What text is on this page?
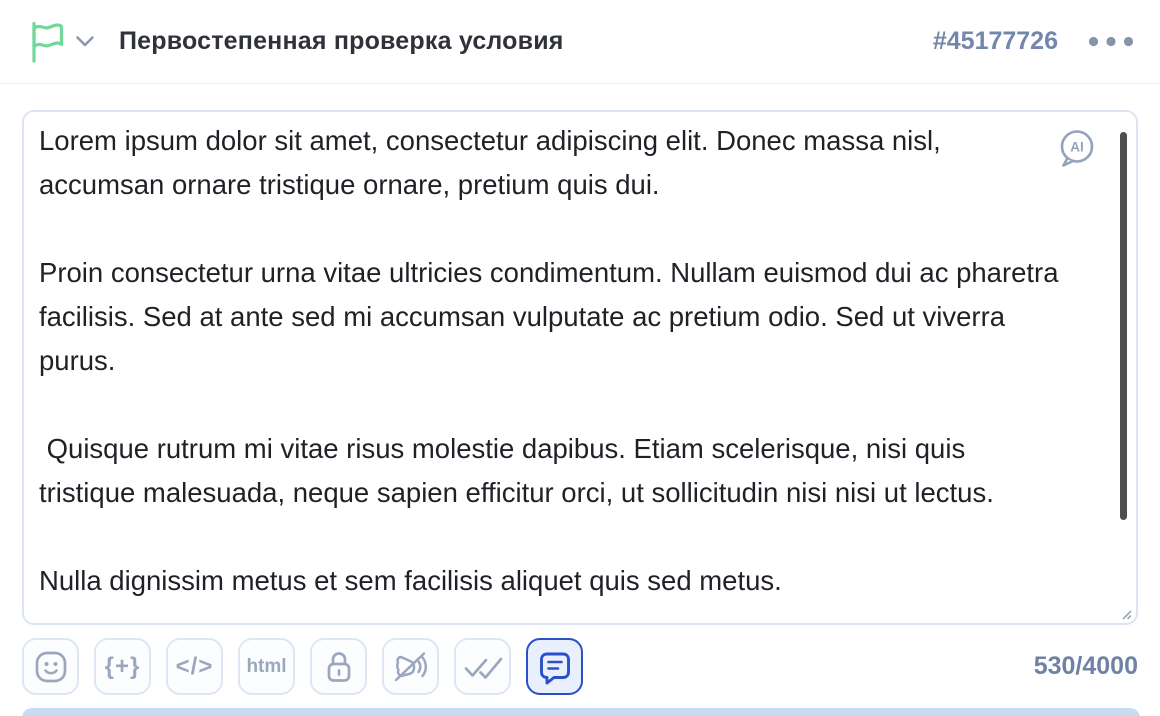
Первостепенная проверка условия	#45177726
Lorem ipsum dolor sit amet, consectetur adipiscing elit. Donec massa nisl, accumsan ornare tristique ornare, pretium quis dui. Proin consectetur urna vitae ultricies condimentum. Nullam euismod dui ac pharetra facilisis. Sed at ante sed mi accumsan vulputate ac pretium odio. Sed ut viverra purus. Quisque rutrum mi vitae risus molestie dapibus. Etiam scelerisque, nisi quis tristique malesuada, neque sapien efficitur orci, ut sollicitudin nisi nisi ut lectus. Nulla dignissim metus et sem facilisis aliquet quis sed metus.
AI
{+} </> html	530/4000
